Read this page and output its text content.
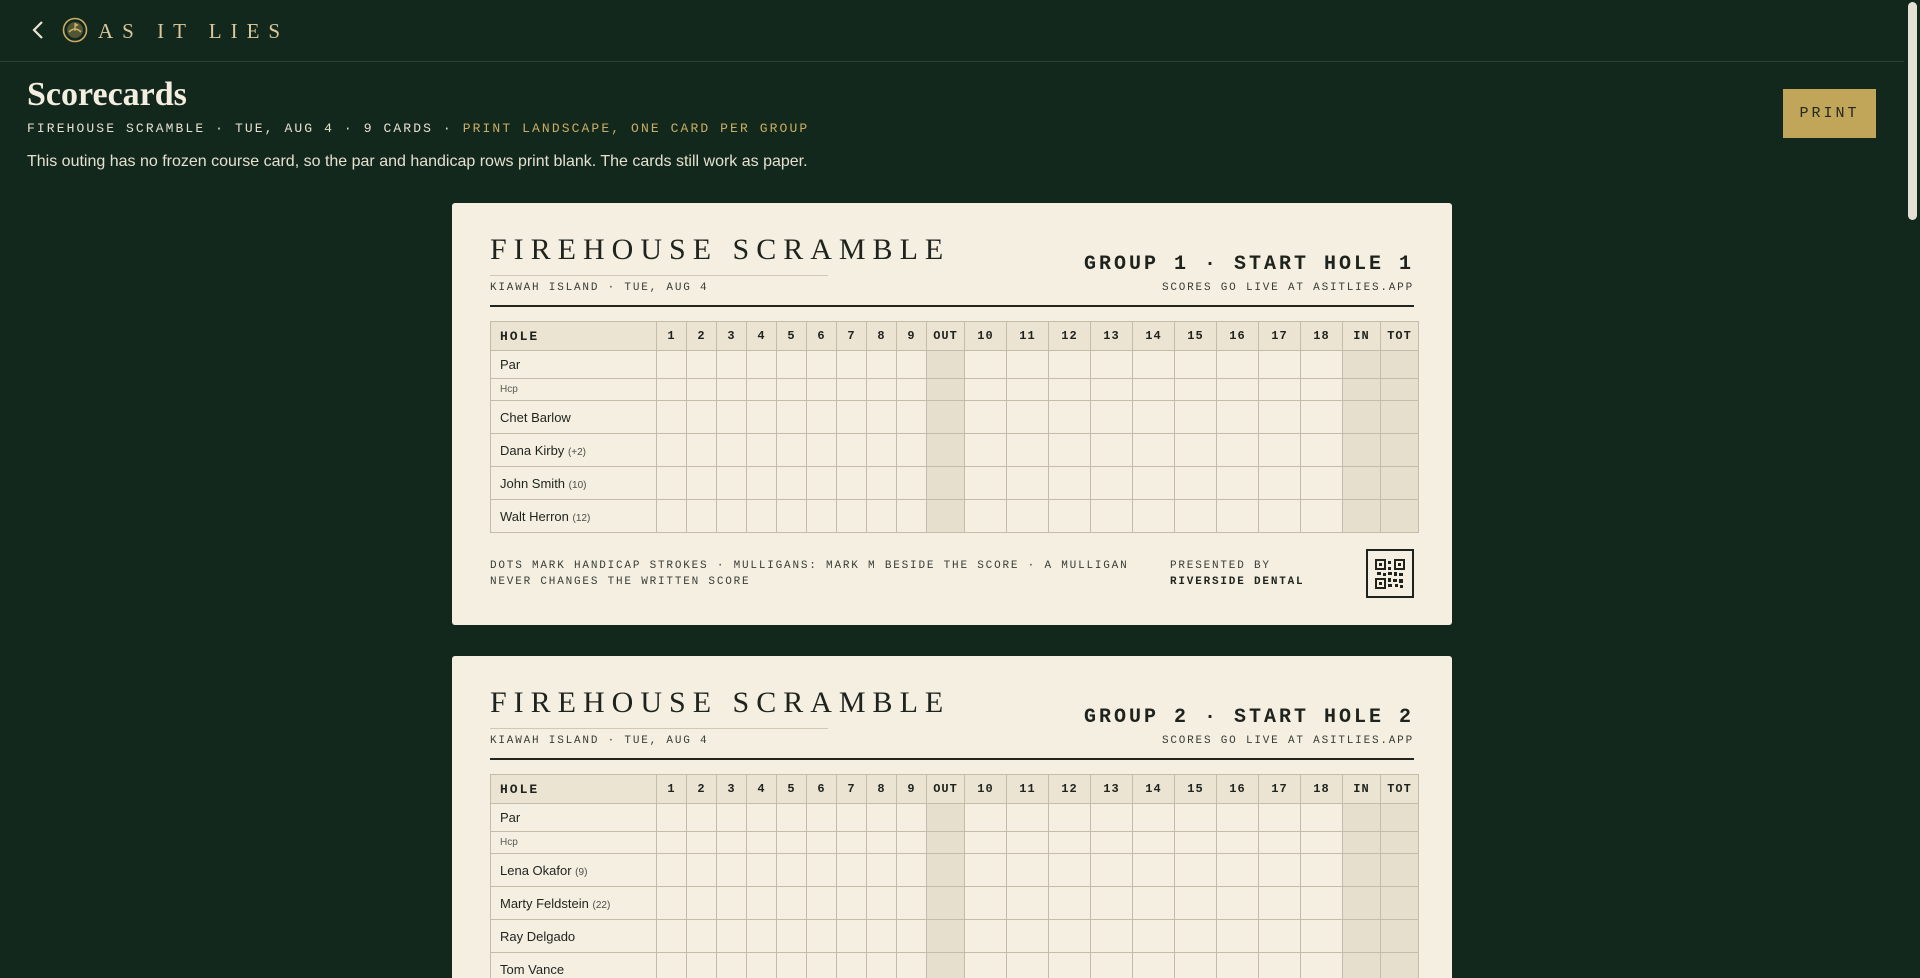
AS IT LIES
Scorecards
FIREHOUSE SCRAMBLE · TUE, AUG 4 · 9 CARDS · PRINT LANDSCAPE, ONE CARD PER GROUP

This outing has no frozen course card, so the par and handicap rows print blank. The cards still work as paper.

PRINT
FIREHOUSE SCRAMBLE
KIAWAH ISLAND · TUE, AUG 4
GROUP 1 · START HOLE 1
SCORES GO LIVE AT ASITLIES.APP
HOLE	1	2	3	4	5	6	7	8	9	OUT	10	11	12	13	14	15	16	17	18	IN	TOT
Par																					
Hcp																					
Chet Barlow																					
Dana Kirby (+2)																					
John Smith (10)																					
Walt Herron (12)																					
DOTS MARK HANDICAP STROKES · MULLIGANS: MARK M BESIDE THE SCORE · A MULLIGAN NEVER CHANGES THE WRITTEN SCORE
PRESENTED BY RIVERSIDE DENTAL
FIREHOUSE SCRAMBLE
KIAWAH ISLAND · TUE, AUG 4
GROUP 2 · START HOLE 2
SCORES GO LIVE AT ASITLIES.APP
HOLE	1	2	3	4	5	6	7	8	9	OUT	10	11	12	13	14	15	16	17	18	IN	TOT
Par																					
Hcp																					
Lena Okafor (9)																					
Marty Feldstein (22)																					
Ray Delgado																					
Tom Vance																					
